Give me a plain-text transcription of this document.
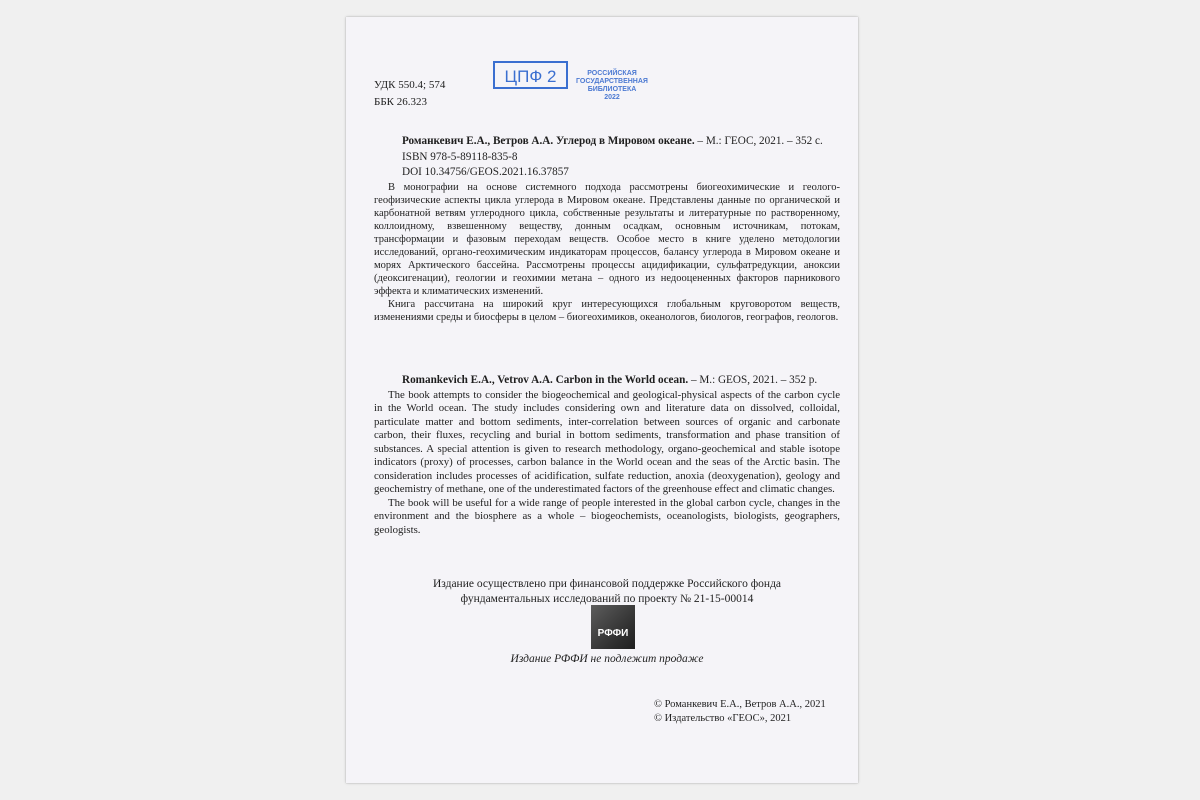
УДК 550.4; 574
ББК 26.323
ЦПФ 2	РОССИЙСКАЯ
ГОСУДАРСТВЕННАЯ
БИБЛИОТЕКА
2022
Романкевич Е.А., Ветров А.А. Углерод в Мировом океане. – М.: ГЕОС, 2021. – 352 с.
ISBN 978-5-89118-835-8
DOI 10.34756/GEOS.2021.16.37857

В монографии на основе системного подхода рассмотрены биогеохимические и геолого-геофизические аспекты цикла углерода в Мировом океане. Представлены данные по органической и карбонатной ветвям углеродного цикла, собственные результаты и литературные по растворенному, коллоидному, взвешенному веществу, донным осадкам, основным источникам, потокам, трансформации и фазовым переходам веществ. Особое место в книге уделено методологии исследований, органо-геохимическим индикаторам процессов, балансу углерода в Мировом океане и морях Арктического бассейна. Рассмотрены процессы ацидификации, сульфатредукции, аноксии (деоксигенации), геологии и геохимии метана – одного из недооцененных факторов парникового эффекта и климатических изменений.

Книга рассчитана на широкий круг интересующихся глобальным круговоротом веществ, изменениями среды и биосферы в целом – биогеохимиков, океанологов, биологов, географов, геологов.

Romankevich E.A., Vetrov A.A. Carbon in the World ocean. – M.: GEOS, 2021. – 352 p.

The book attempts to consider the biogeochemical and geological-physical aspects of the carbon cycle in the World ocean. The study includes considering own and literature data on dissolved, colloidal, particulate matter and bottom sediments, inter-correlation between sources of organic and carbonate carbon, their fluxes, recycling and burial in bottom sediments, transformation and phase transition of substances. A special attention is given to research methodology, organo-geochemical and stable isotope indicators (proxy) of processes, carbon balance in the World ocean and the seas of the Arctic basin. The consideration includes processes of acidification, sulfate reduction, anoxia (deoxygenation), geology and geochemistry of methane, one of the underestimated factors of the greenhouse effect and climatic changes.

The book will be useful for a wide range of people interested in the global carbon cycle, changes in the environment and the biosphere as a whole – biogeochemists, oceanologists, biologists, geographers, geologists.

Издание осуществлено при финансовой поддержке Российского фонда
фундаментальных исследований по проекту № 21-15-00014
РФФИ
Издание РФФИ не подлежит продаже
© Романкевич Е.А., Ветров А.А., 2021
© Издательство «ГЕОС», 2021
